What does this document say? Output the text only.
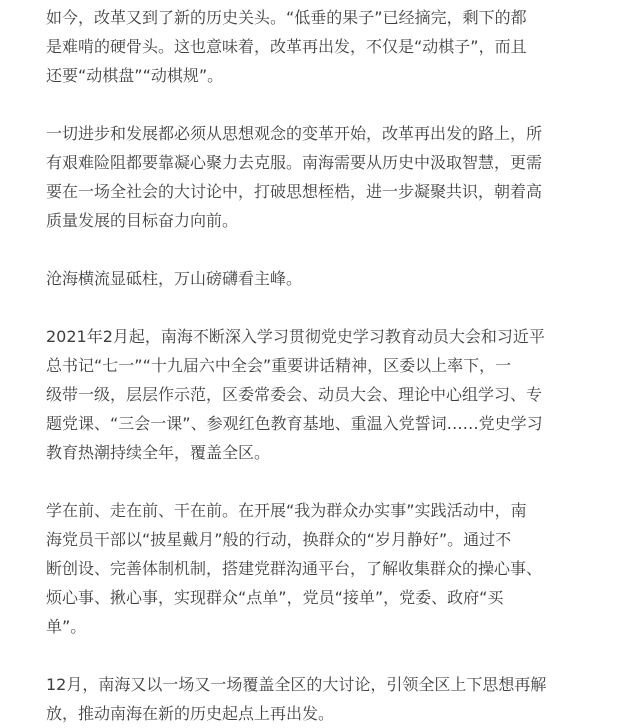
如今，改革又到了新的历史关头。“低垂的果子”已经摘完，剩下的都
是难啃的硬骨头。这也意味着，改革再出发，不仅是“动棋子”，而且
还要“动棋盘”“动棋规”。

一切进步和发展都必须从思想观念的变革开始，改革再出发的路上，所
有艰难险阻都要靠凝心聚力去克服。南海需要从历史中汲取智慧，更需
要在一场全社会的大讨论中，打破思想桎梏，进一步凝聚共识，朝着高
质量发展的目标奋力向前。

沧海横流显砥柱，万山磅礴看主峰。

2021年2月起，南海不断深入学习贯彻党史学习教育动员大会和习近平
总书记“七一”“十九届六中全会”重要讲话精神，区委以上率下，一
级带一级，层层作示范，区委常委会、动员大会、理论中心组学习、专
题党课、“三会一课”、参观红色教育基地、重温入党誓词……党史学习
教育热潮持续全年，覆盖全区。

学在前、走在前、干在前。在开展“我为群众办实事”实践活动中，南
海党员干部以“披星戴月”般的行动，换群众的“岁月静好”。通过不
断创设、完善体制机制，搭建党群沟通平台，了解收集群众的操心事、
烦心事、揪心事，实现群众“点单”，党员“接单”，党委、政府“买
单”。

12月，南海又以一场又一场覆盖全区的大讨论，引领全区上下思想再解
放，推动南海在新的历史起点上再出发。
